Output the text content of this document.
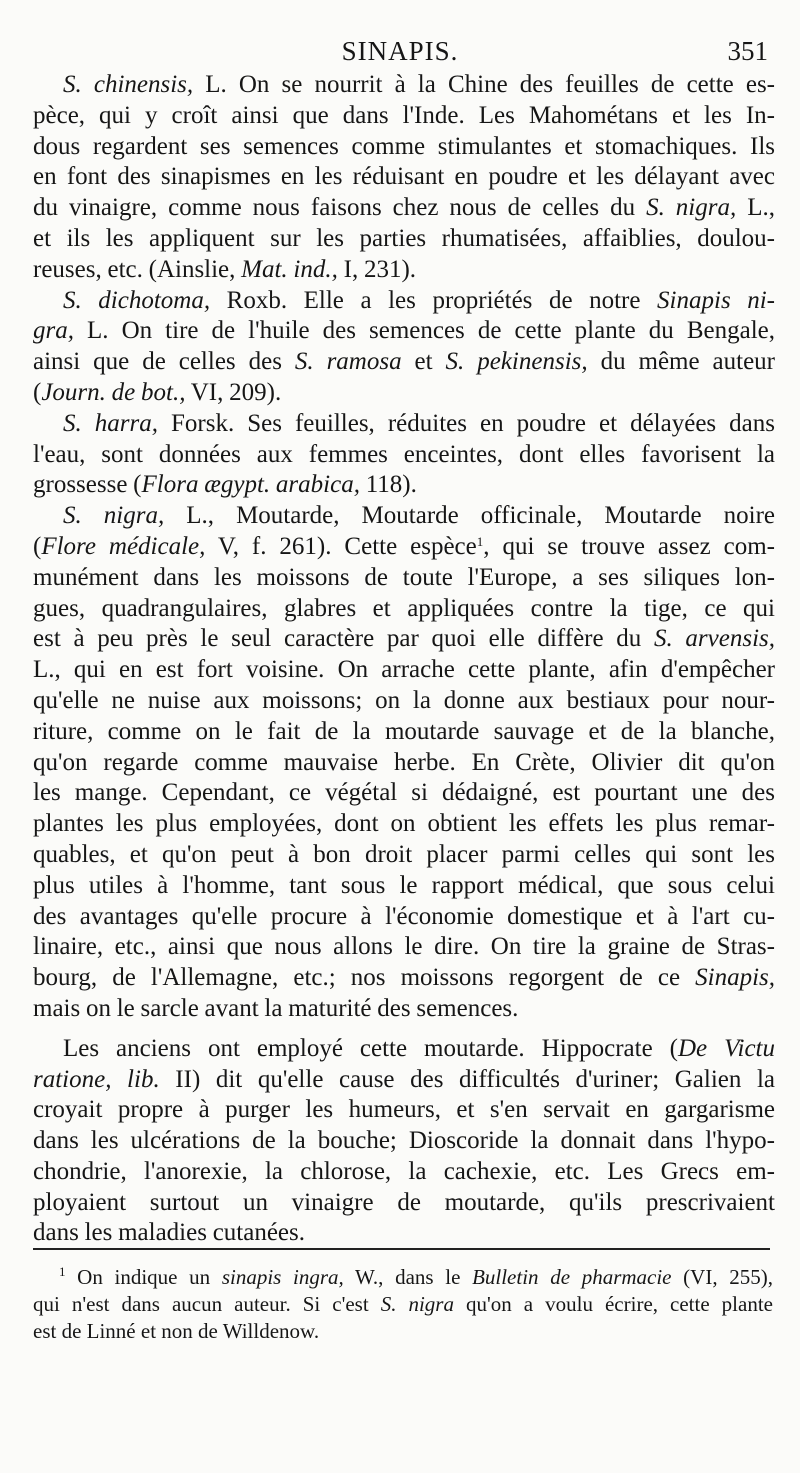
SINAPIS.	351
S. chinensis, L. On se nourrit à la Chine des feuilles de cette es-
pèce, qui y croît ainsi que dans l'Inde. Les Mahométans et les In-
dous regardent ses semences comme stimulantes et stomachiques. Ils
en font des sinapismes en les réduisant en poudre et les délayant avec
du vinaigre, comme nous faisons chez nous de celles du S. nigra, L.,
et ils les appliquent sur les parties rhumatisées, affaiblies, doulou-
reuses, etc. (Ainslie, Mat. ind., I, 231).
S. dichotoma, Roxb. Elle a les propriétés de notre Sinapis ni-
gra, L. On tire de l'huile des semences de cette plante du Bengale,
ainsi que de celles des S. ramosa et S. pekinensis, du même auteur
(Journ. de bot., VI, 209).
S. harra, Forsk. Ses feuilles, réduites en poudre et délayées dans
l'eau, sont données aux femmes enceintes, dont elles favorisent la
grossesse (Flora ægypt. arabica, 118).
S. nigra, L., Moutarde, Moutarde officinale, Moutarde noire
(Flore médicale, V, f. 261). Cette espèce$^1$, qui se trouve assez com-
munément dans les moissons de toute l'Europe, a ses siliques lon-
gues, quadrangulaires, glabres et appliquées contre la tige, ce qui
est à peu près le seul caractère par quoi elle diffère du S. arvensis,
L., qui en est fort voisine. On arrache cette plante, afin d'empêcher
qu'elle ne nuise aux moissons; on la donne aux bestiaux pour nour-
riture, comme on le fait de la moutarde sauvage et de la blanche,
qu'on regarde comme mauvaise herbe. En Crète, Olivier dit qu'on
les mange. Cependant, ce végétal si dédaigné, est pourtant une des
plantes les plus employées, dont on obtient les effets les plus remar-
quables, et qu'on peut à bon droit placer parmi celles qui sont les
plus utiles à l'homme, tant sous le rapport médical, que sous celui
des avantages qu'elle procure à l'économie domestique et à l'art cu-
linaire, etc., ainsi que nous allons le dire. On tire la graine de Stras-
bourg, de l'Allemagne, etc.; nos moissons regorgent de ce Sinapis,
mais on le sarcle avant la maturité des semences.
Les anciens ont employé cette moutarde. Hippocrate (De Victu
ratione, lib. II) dit qu'elle cause des difficultés d'uriner; Galien la
croyait propre à purger les humeurs, et s'en servait en gargarisme
dans les ulcérations de la bouche; Dioscoride la donnait dans l'hypo-
chondrie, l'anorexie, la chlorose, la cachexie, etc. Les Grecs em-
ployaient surtout un vinaigre de moutarde, qu'ils prescrivaient
dans les maladies cutanées.
$^1$ On indique un sinapis ingra, W., dans le Bulletin de pharmacie (VI, 255),
qui n'est dans aucun auteur. Si c'est S. nigra qu'on a voulu écrire, cette plante
est de Linné et non de Willdenow.
